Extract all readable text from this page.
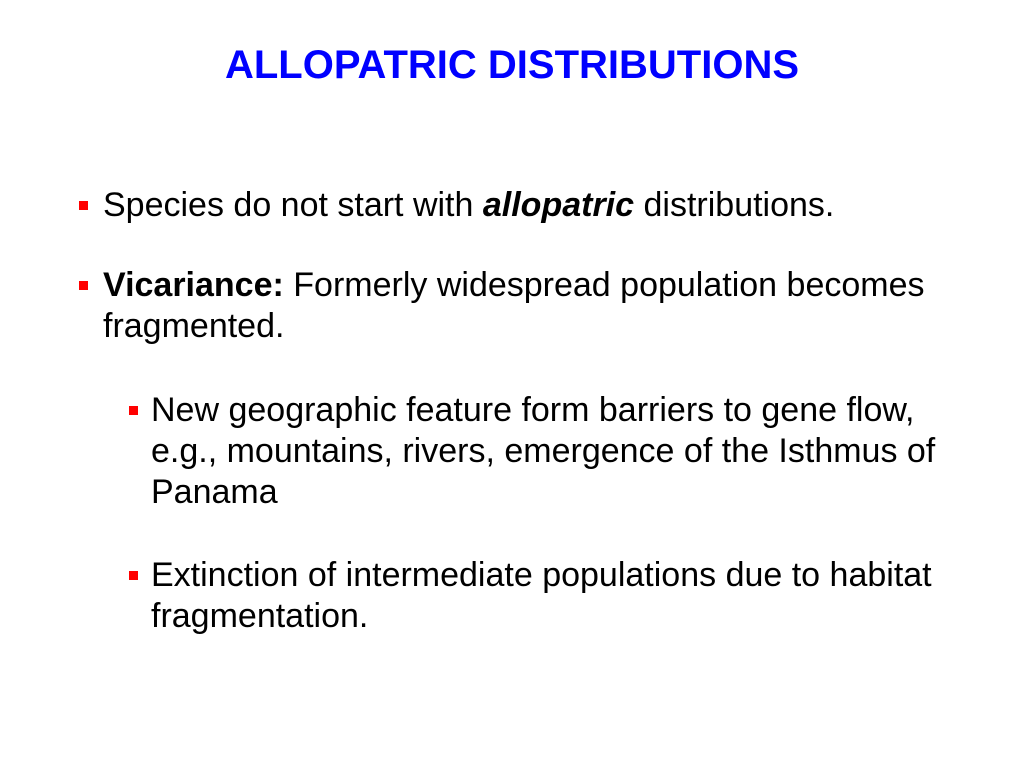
ALLOPATRIC DISTRIBUTIONS
Species do not start with allopatric distributions.
Vicariance: Formerly widespread population becomes fragmented.
New geographic feature form barriers to gene flow, e.g., mountains, rivers, emergence of the Isthmus of Panama
Extinction of intermediate populations due to habitat fragmentation.
